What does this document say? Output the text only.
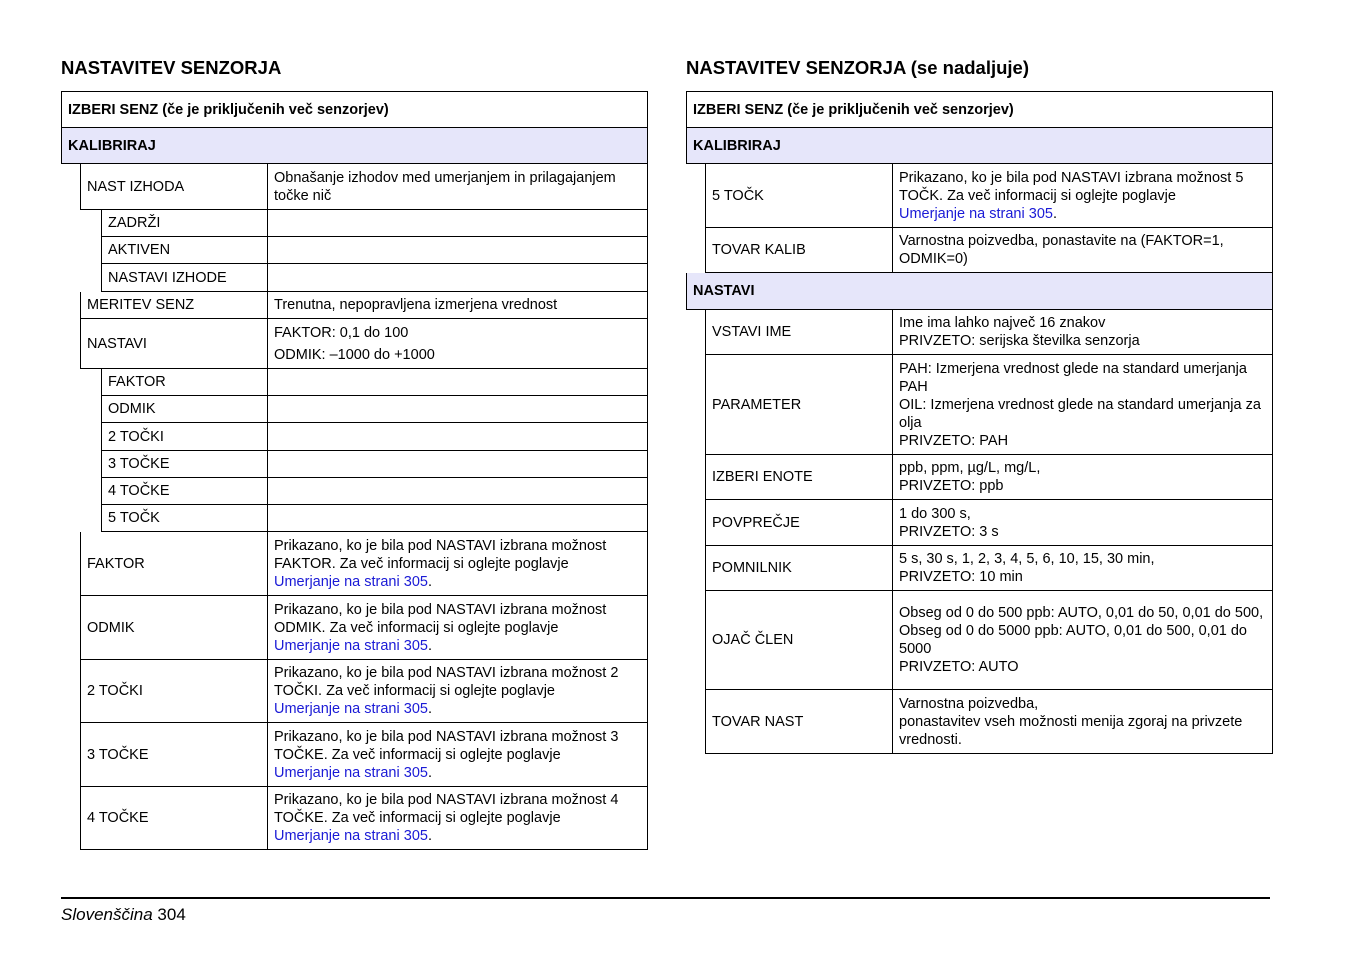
NASTAVITEV SENZORJA
IZBERI SENZ (če je priključenih več senzorjev)
KALIBRIRAJ
NAST IZHODA
Obnašanje izhodov med umerjanjem in prilagajanjem točke nič
ZADRŽI
AKTIVEN
NASTAVI IZHODE
MERITEV SENZ	Trenutna, nepopravljena izmerjena vrednost
NASTAVI
FAKTOR: 0,1 do 100
ODMIK: –1000 do +1000
FAKTOR
ODMIK
2 TOČKI
3 TOČKE
4 TOČKE
5 TOČK
FAKTOR
Prikazano, ko je bila pod NASTAVI izbrana možnost FAKTOR. Za več informacij si oglejte poglavje
Umerjanje na strani 305.
ODMIK
Prikazano, ko je bila pod NASTAVI izbrana možnost ODMIK. Za več informacij si oglejte poglavje
Umerjanje na strani 305.
2 TOČKI
Prikazano, ko je bila pod NASTAVI izbrana možnost 2 TOČKI. Za več informacij si oglejte poglavje
Umerjanje na strani 305.
3 TOČKE
Prikazano, ko je bila pod NASTAVI izbrana možnost 3 TOČKE. Za več informacij si oglejte poglavje
Umerjanje na strani 305.
4 TOČKE
Prikazano, ko je bila pod NASTAVI izbrana možnost 4 TOČKE. Za več informacij si oglejte poglavje
Umerjanje na strani 305.
NASTAVITEV SENZORJA (se nadaljuje)
IZBERI SENZ (če je priključenih več senzorjev)
KALIBRIRAJ
5 TOČK
Prikazano, ko je bila pod NASTAVI izbrana možnost 5 TOČK. Za več informacij si oglejte poglavje
Umerjanje na strani 305.
TOVAR KALIB
Varnostna poizvedba, ponastavite na (FAKTOR=1, ODMIK=0)
NASTAVI
VSTAVI IME
Ime ima lahko največ 16 znakov
PRIVZETO: serijska številka senzorja
PARAMETER
PAH: Izmerjena vrednost glede na standard umerjanja PAH
OIL: Izmerjena vrednost glede na standard umerjanja za olja
PRIVZETO: PAH
IZBERI ENOTE
ppb, ppm, µg/L, mg/L,
PRIVZETO: ppb
POVPREČJE
1 do 300 s,
PRIVZETO: 3 s
POMNILNIK
5 s, 30 s, 1, 2, 3, 4, 5, 6, 10, 15, 30 min,
PRIVZETO: 10 min
OJAČ ČLEN
Obseg od 0 do 500 ppb: AUTO, 0,01 do 50, 0,01 do 500,
Obseg od 0 do 5000 ppb: AUTO, 0,01 do 500, 0,01 do 5000
PRIVZETO: AUTO
TOVAR NAST
Varnostna poizvedba,
ponastavitev vseh možnosti menija zgoraj na privzete vrednosti.
Slovenščina 304
